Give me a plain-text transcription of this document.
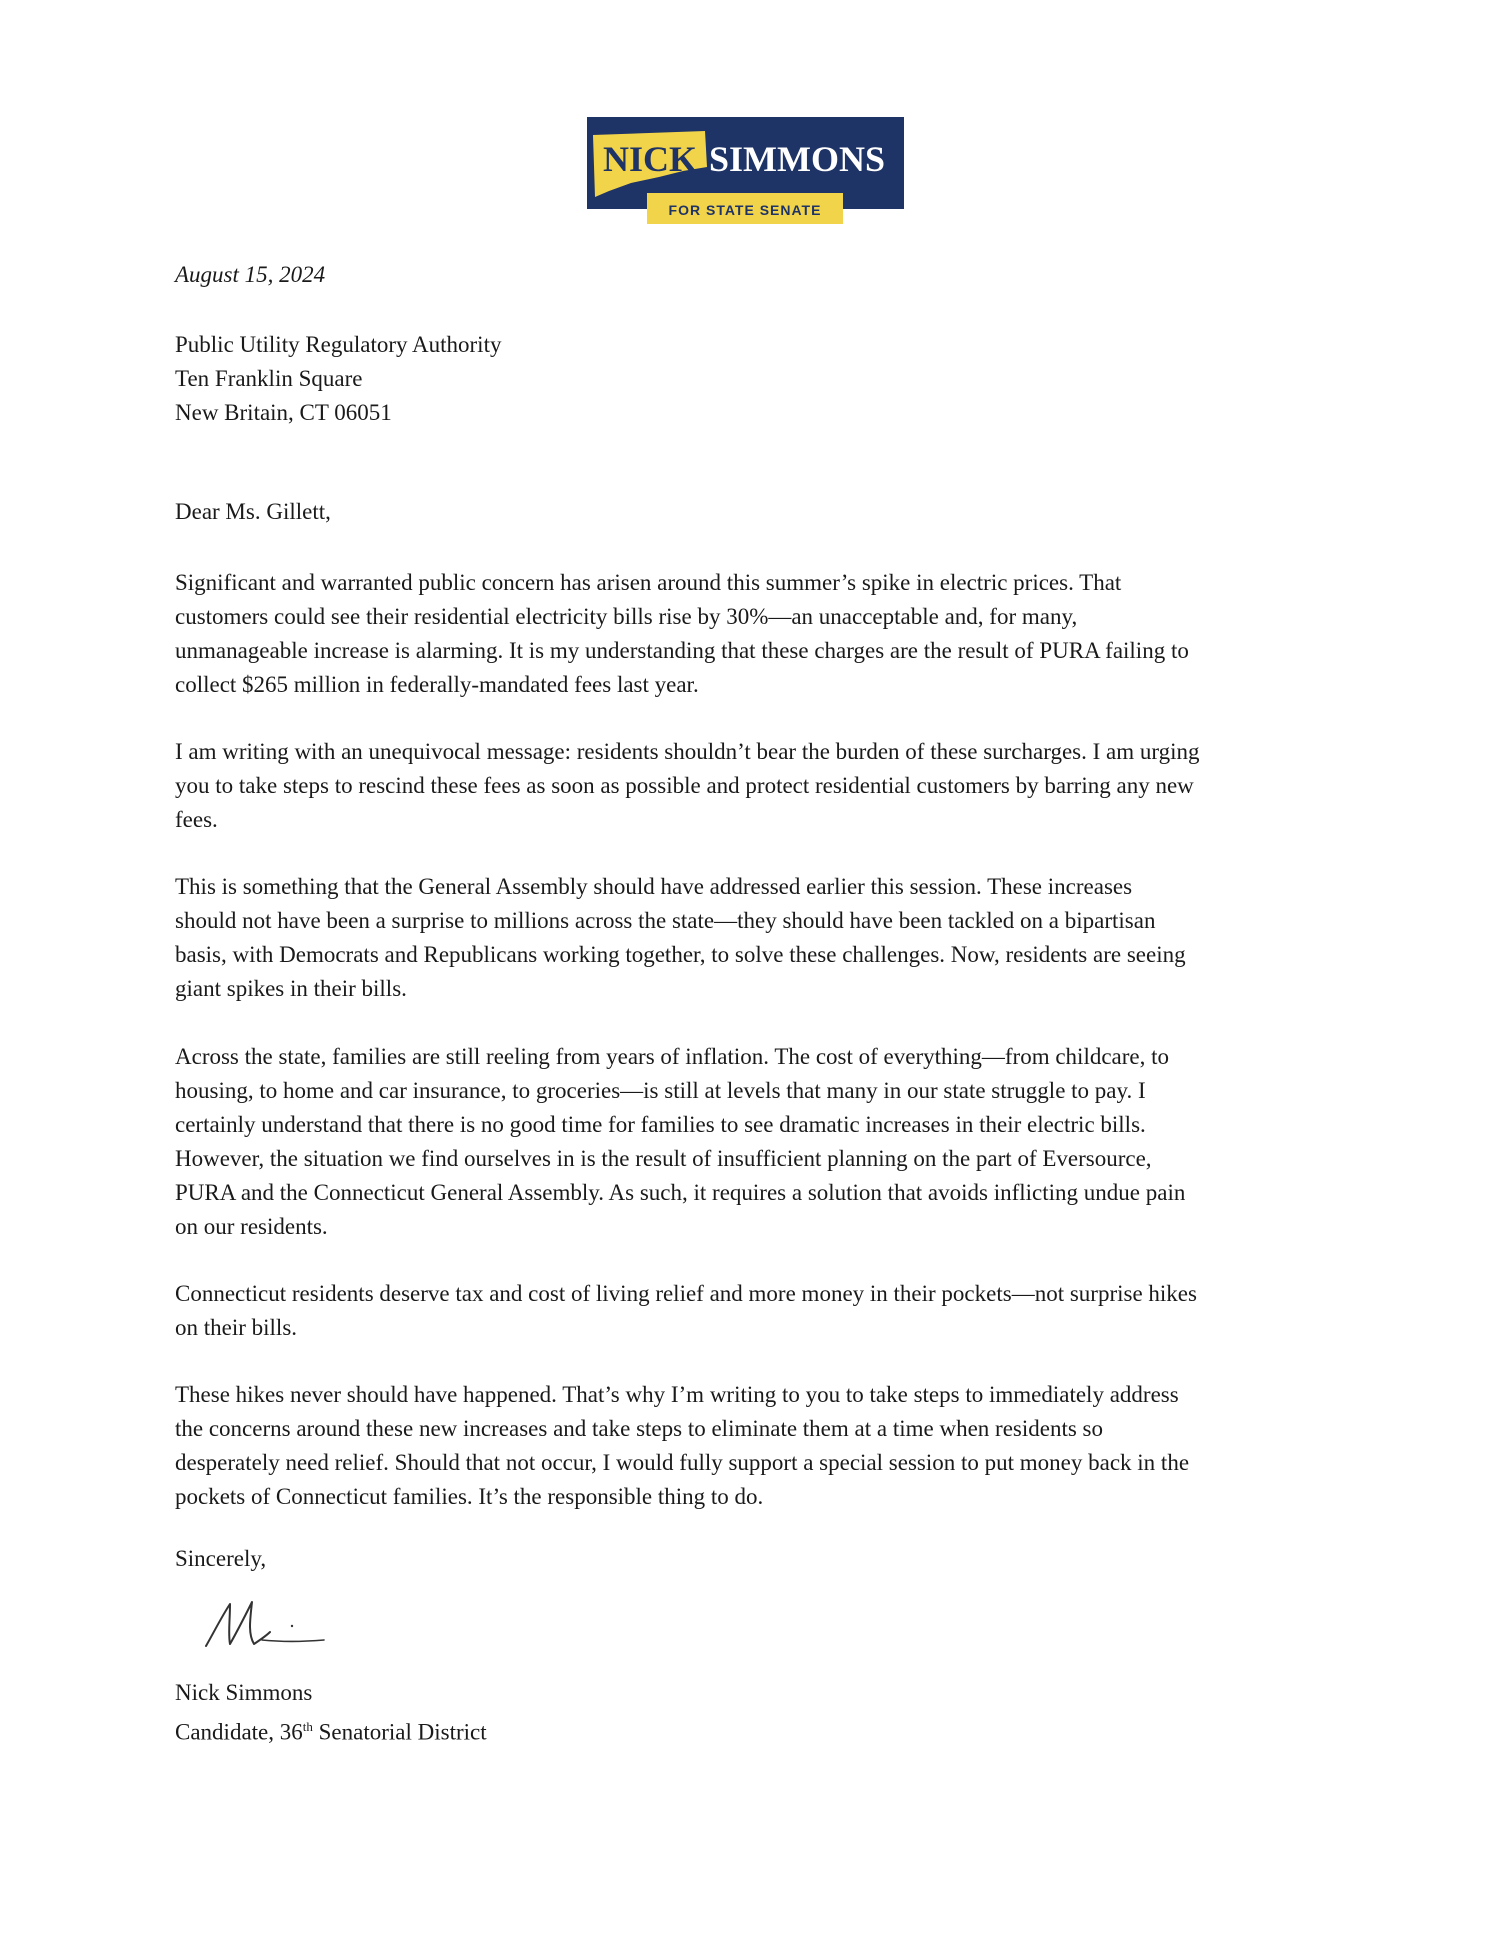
NICK SIMMONS
FOR STATE SENATE
August 15, 2024
Public Utility Regulatory Authority
Ten Franklin Square
New Britain, CT 06051
Dear Ms. Gillett,
Significant and warranted public concern has arisen around this summer’s spike in electric prices. That
customers could see their residential electricity bills rise by 30%—an unacceptable and, for many,
unmanageable increase is alarming. It is my understanding that these charges are the result of PURA failing to
collect $265 million in federally-mandated fees last year.
I am writing with an unequivocal message: residents shouldn’t bear the burden of these surcharges. I am urging
you to take steps to rescind these fees as soon as possible and protect residential customers by barring any new
fees.
This is something that the General Assembly should have addressed earlier this session. These increases
should not have been a surprise to millions across the state—they should have been tackled on a bipartisan
basis, with Democrats and Republicans working together, to solve these challenges. Now, residents are seeing
giant spikes in their bills.
Across the state, families are still reeling from years of inflation. The cost of everything—from childcare, to
housing, to home and car insurance, to groceries—is still at levels that many in our state struggle to pay. I
certainly understand that there is no good time for families to see dramatic increases in their electric bills.
However, the situation we find ourselves in is the result of insufficient planning on the part of Eversource,
PURA and the Connecticut General Assembly. As such, it requires a solution that avoids inflicting undue pain
on our residents.
Connecticut residents deserve tax and cost of living relief and more money in their pockets—not surprise hikes
on their bills.
These hikes never should have happened. That’s why I’m writing to you to take steps to immediately address
the concerns around these new increases and take steps to eliminate them at a time when residents so
desperately need relief. Should that not occur, I would fully support a special session to put money back in the
pockets of Connecticut families. It’s the responsible thing to do.
Sincerely,
Nick Simmons
Candidate, 36th Senatorial District
